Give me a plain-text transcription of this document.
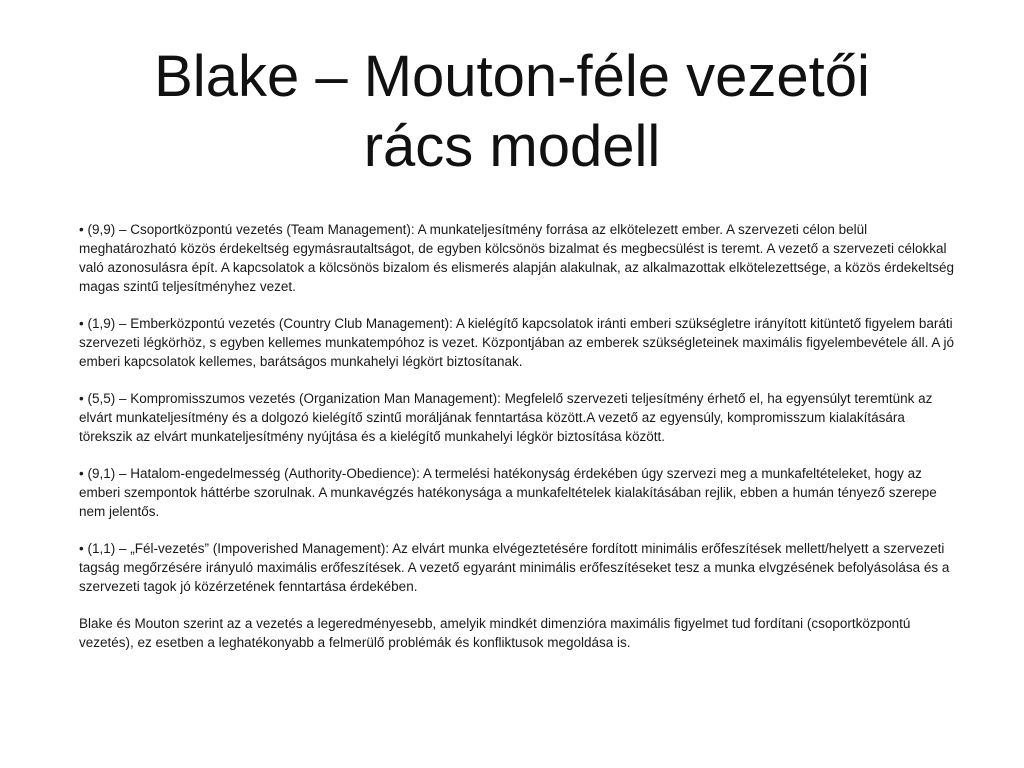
Blake – Mouton-féle vezetői
rács modell

• (9,9) – Csoportközpontú vezetés (Team Management): A munkateljesítmény forrása az elkötelezett ember. A szervezeti célon belül meghatározható közös érdekeltség egymásrautaltságot, de egyben kölcsönös bizalmat és megbecsülést is teremt. A vezető a szervezeti célokkal való azonosulásra épít. A kapcsolatok a kölcsönös bizalom és elismerés alapján alakulnak, az alkalmazottak elkötelezettsége, a közös érdekeltség magas szintű teljesítményhez vezet.

• (1,9) – Emberközpontú vezetés (Country Club Management): A kielégítő kapcsolatok iránti emberi szükségletre irányított kitüntető figyelem baráti szervezeti légkörhöz, s egyben kellemes munkatempóhoz is vezet. Központjában az emberek szükségleteinek maximális figyelembevétele áll. A jó emberi kapcsolatok kellemes, barátságos munkahelyi légkört biztosítanak.

• (5,5) – Kompromisszumos vezetés (Organization Man Management): Megfelelő szervezeti teljesítmény érhető el, ha egyensúlyt teremtünk az elvárt munkateljesítmény és a dolgozó kielégítő szintű moráljának fenntartása között.A vezető az egyensúly, kompromisszum kialakítására törekszik az elvárt munkateljesítmény nyújtása és a kielégítő munkahelyi légkör biztosítása között.

• (9,1) – Hatalom-engedelmesség (Authority-Obedience): A termelési hatékonyság érdekében úgy szervezi meg a munkafeltételeket, hogy az emberi szempontok háttérbe szorulnak. A munkavégzés hatékonysága a munkafeltételek kialakításában rejlik, ebben a humán tényező szerepe nem jelentős.

• (1,1) – „Fél-vezetés” (Impoverished Management): Az elvárt munka elvégeztetésére fordított minimális erőfeszítések mellett/helyett a szervezeti tagság megőrzésére irányuló maximális erőfeszítések. A vezető egyaránt minimális erőfeszítéseket tesz a munka elvgzésének befolyásolása és a szervezeti tagok jó közérzetének fenntartása érdekében.

Blake és Mouton szerint az a vezetés a legeredményesebb, amelyik mindkét dimenzióra maximális figyelmet tud fordítani (csoportközpontú vezetés), ez esetben a leghatékonyabb a felmerülő problémák és konfliktusok megoldása is.
